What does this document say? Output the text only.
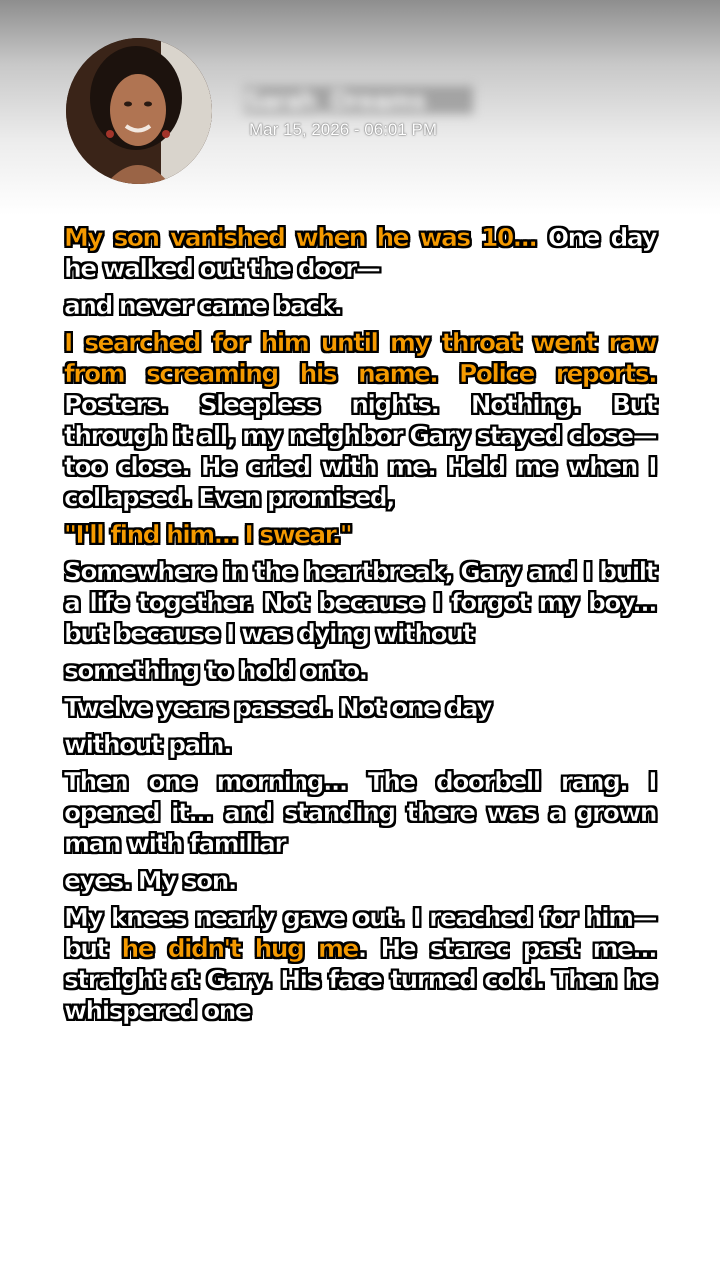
Sarah_Dreams
Mar 15, 2026 - 06:01 PM

My son vanished when he was 10... One day he walked out the door—

and never came back.

I searched for him until my throat went raw from screaming his name. Police reports. Posters. Sleepless nights. Nothing. But through it all, my neighbor Gary stayed close— too close. He cried with me. Held me when I collapsed. Even promised,

"I'll find him... I swear."

Somewhere in the heartbreak, Gary and I built a life together. Not because I forgot my boy... but because I was dying without

something to hold onto.

Twelve years passed. Not one day

without pain.

Then one morning... The doorbell rang. I opened it... and standing there was a grown man with familiar

eyes. My son.

My knees nearly gave out. I reached for him— but he didn't hug me. He starec past me... straight at Gary. His face turned cold. Then he whispered one
